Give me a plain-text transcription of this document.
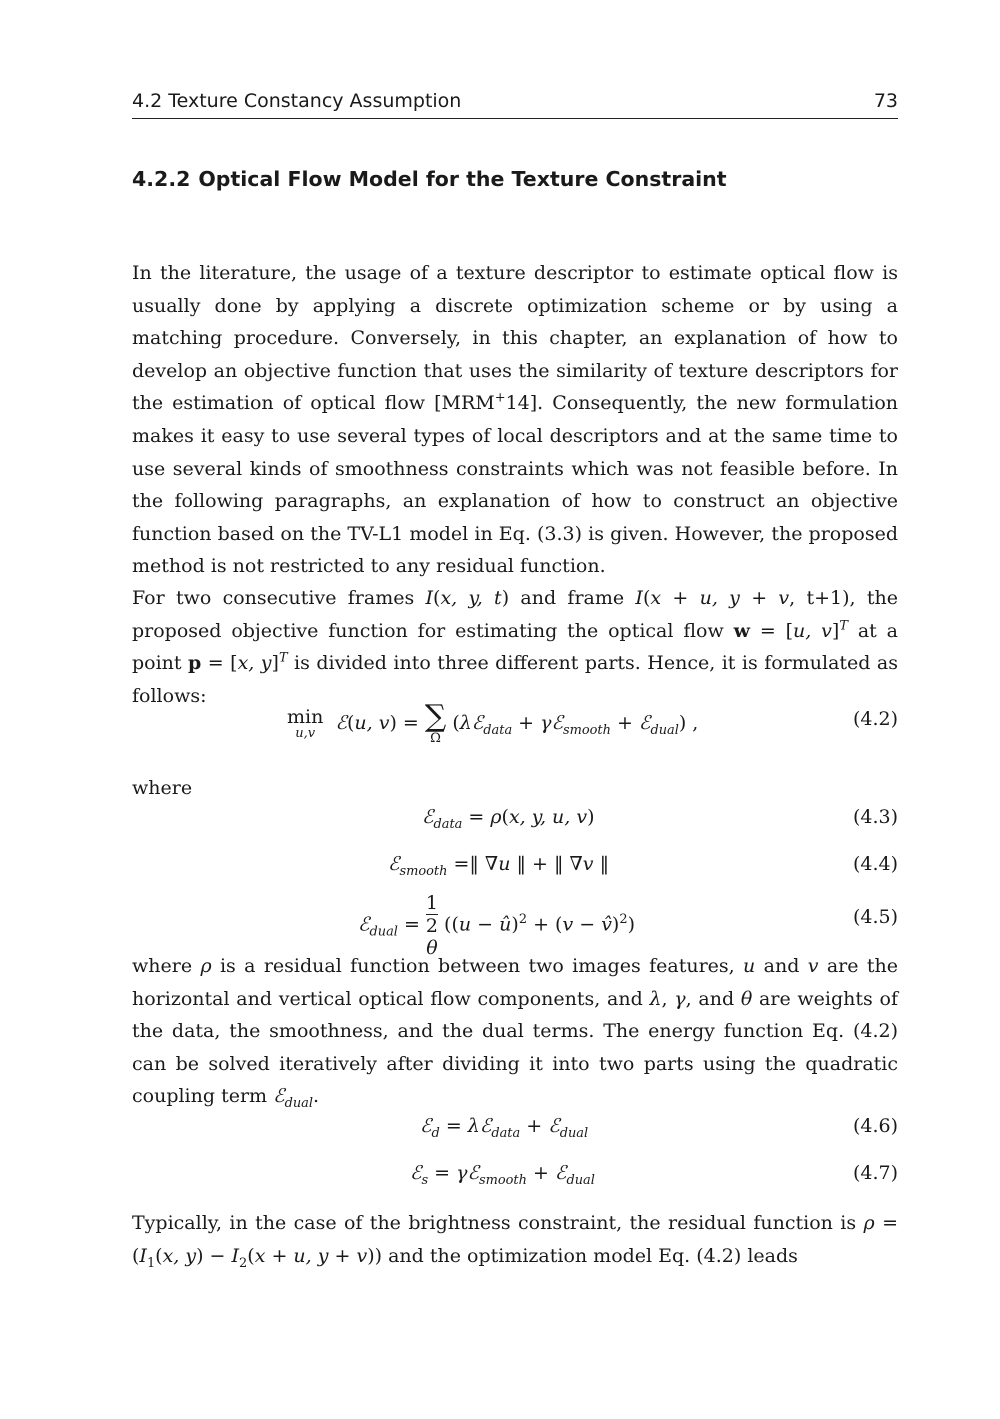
4.2 Texture Constancy Assumption	73
4.2.2 Optical Flow Model for the Texture Constraint
In the literature, the usage of a texture descriptor to estimate optical flow is usually done by applying a discrete optimization scheme or by using a matching procedure. Conversely, in this chapter, an explanation of how to develop an objective function that uses the similarity of texture descriptors for the estimation of optical flow [MRM+14]. Consequently, the new formulation makes it easy to use several types of local descriptors and at the same time to use several kinds of smoothness constraints which was not feasible before. In the following paragraphs, an explanation of how to construct an objective function based on the TV-L1 model in Eq. (3.3) is given. However, the proposed method is not restricted to any residual function.
For two consecutive frames I(x, y, t) and frame I(x + u, y + v, t+1), the proposed objective function for estimating the optical flow w = [u, v]$^T$ at a point p = [x, y]$^T$ is divided into three different parts. Hence, it is formulated as follows:
min
u,v	ℰ(u, v) = ∑
Ω
(λℰ$_{data}$ + γℰ$_{smooth}$ + ℰ$_{dual}$) ,	(4.2)
where
ℰ$_{data}$ = ρ(x, y, u, v)	(4.3)
ℰ$_{smooth}$ =‖ ∇u ‖ + ‖ ∇v ‖	(4.4)
ℰ$_{dual}$ = 1
2
θ ((u − û)$^2$ + (v − v̂)$^2$)	(4.5)
where ρ is a residual function between two images features, u and v are the horizontal and vertical optical flow components, and λ, γ, and θ are weights of the data, the smoothness, and the dual terms. The energy function Eq. (4.2) can be solved iteratively after dividing it into two parts using the quadratic coupling term ℰ$_{dual}$.
ℰ$_d$ = λℰ$_{data}$ + ℰ$_{dual}$	(4.6)
ℰ$_s$ = γℰ$_{smooth}$ + ℰ$_{dual}$	(4.7)
Typically, in the case of the brightness constraint, the residual function is $\rho = (I_1(x$, $y) - I_2(x + u$, y + v)) and the optimization model Eq. (4.2) leads
